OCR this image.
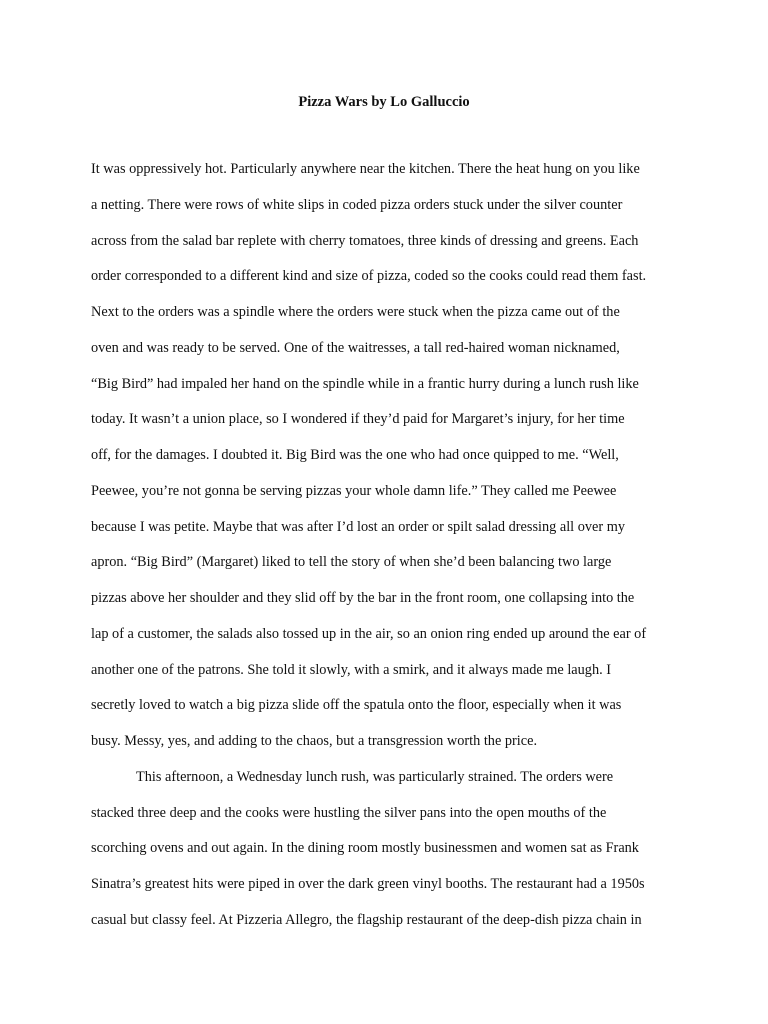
Pizza Wars by Lo Galluccio
It was oppressively hot. Particularly anywhere near the kitchen. There the heat hung on you like
a netting. There were rows of white slips in coded pizza orders stuck under the silver counter
across from the salad bar replete with cherry tomatoes, three kinds of dressing and greens. Each
order corresponded to a different kind and size of pizza, coded so the cooks could read them fast.
Next to the orders was a spindle where the orders were stuck when the pizza came out of the
oven and was ready to be served. One of the waitresses, a tall red-haired woman nicknamed,
“Big Bird” had impaled her hand on the spindle while in a frantic hurry during a lunch rush like
today. It wasn’t a union place, so I wondered if they’d paid for Margaret’s injury, for her time
off, for the damages. I doubted it. Big Bird was the one who had once quipped to me. “Well,
Peewee, you’re not gonna be serving pizzas your whole damn life.” They called me Peewee
because I was petite. Maybe that was after I’d lost an order or spilt salad dressing all over my
apron. “Big Bird” (Margaret) liked to tell the story of when she’d been balancing two large
pizzas above her shoulder and they slid off by the bar in the front room, one collapsing into the
lap of a customer, the salads also tossed up in the air, so an onion ring ended up around the ear of
another one of the patrons. She told it slowly, with a smirk, and it always made me laugh. I
secretly loved to watch a big pizza slide off the spatula onto the floor, especially when it was
busy. Messy, yes, and adding to the chaos, but a transgression worth the price.
This afternoon, a Wednesday lunch rush, was particularly strained. The orders were
stacked three deep and the cooks were hustling the silver pans into the open mouths of the
scorching ovens and out again. In the dining room mostly businessmen and women sat as Frank
Sinatra’s greatest hits were piped in over the dark green vinyl booths. The restaurant had a 1950s
casual but classy feel. At Pizzeria Allegro, the flagship restaurant of the deep-dish pizza chain in
